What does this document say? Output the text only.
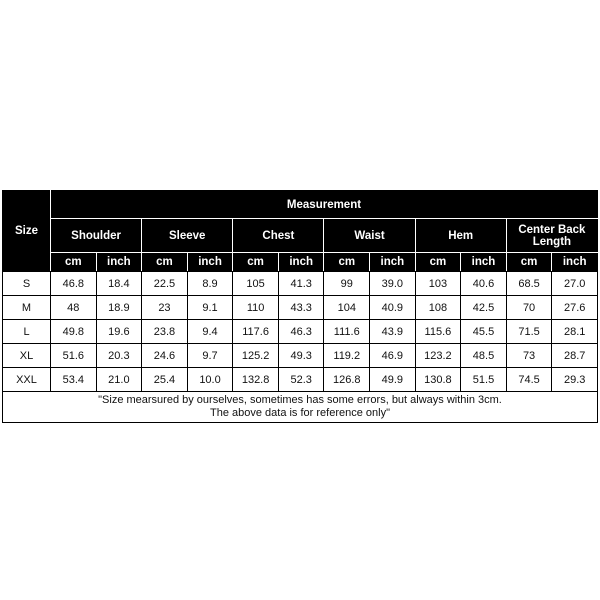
Size	Measurement											
	Shoulder		Sleeve		Chest		Waist		Hem		Center Back Length	
	cm	inch	cm	inch	cm	inch	cm	inch	cm	inch	cm	inch
S	46.8	18.4	22.5	8.9	105	41.3	99	39.0	103	40.6	68.5	27.0
M	48	18.9	23	9.1	110	43.3	104	40.9	108	42.5	70	27.6
L	49.8	19.6	23.8	9.4	117.6	46.3	111.6	43.9	115.6	45.5	71.5	28.1
XL	51.6	20.3	24.6	9.7	125.2	49.3	119.2	46.9	123.2	48.5	73	28.7
XXL	53.4	21.0	25.4	10.0	132.8	52.3	126.8	49.9	130.8	51.5	74.5	29.3

"Size mearsured by ourselves, sometimes has some errors, but always within 3cm.
The above data is for reference only"												
